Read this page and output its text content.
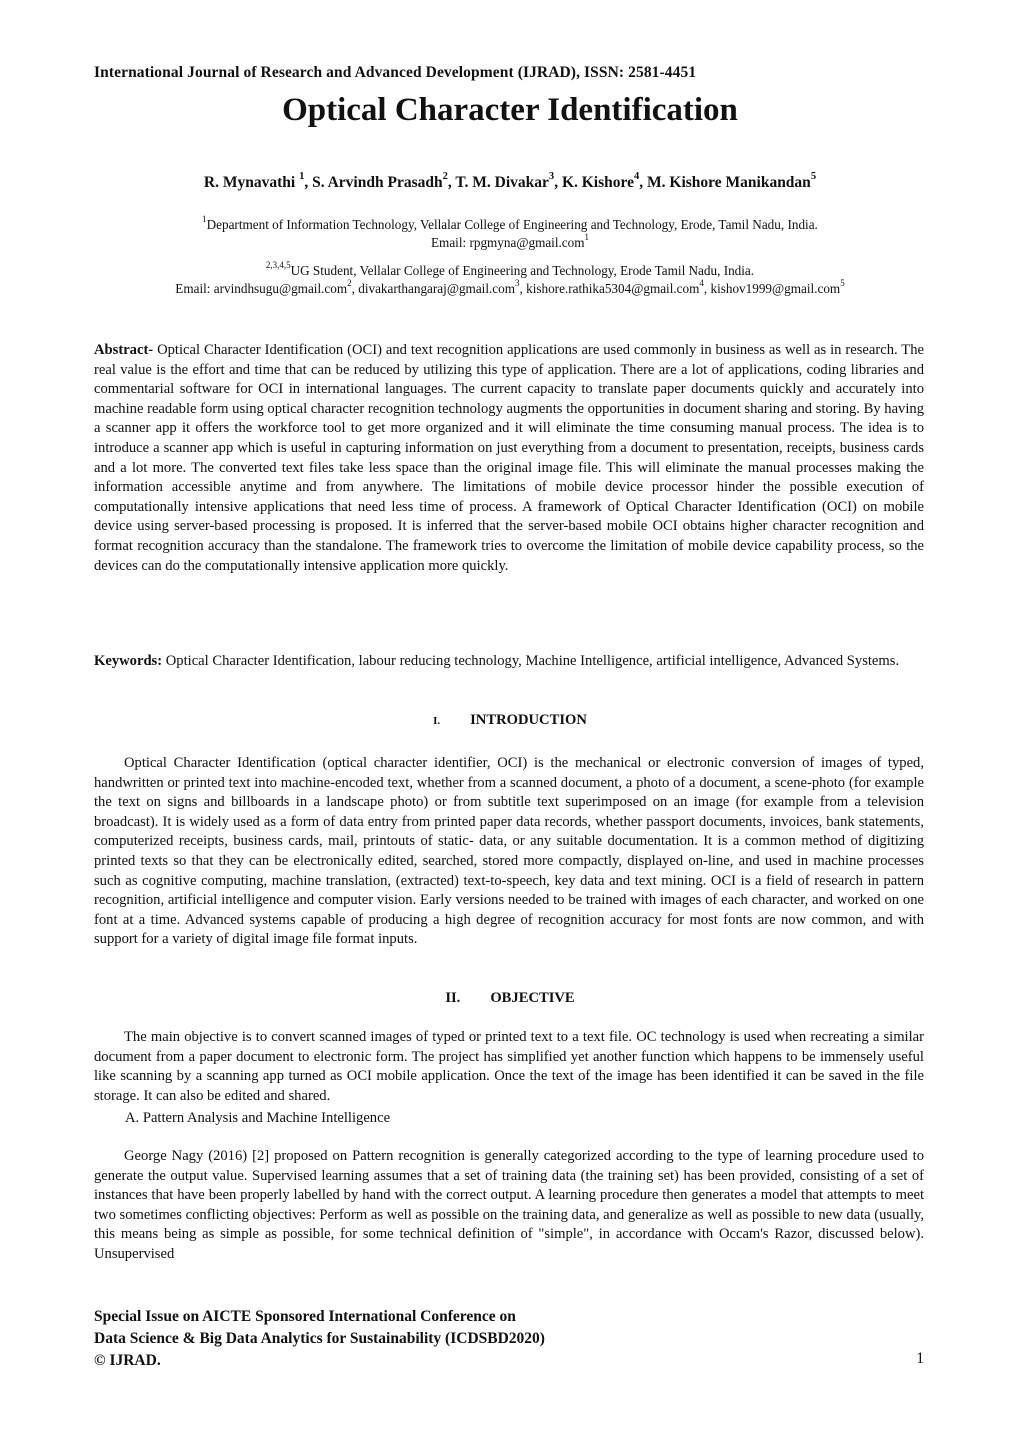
International Journal of Research and Advanced Development (IJRAD), ISSN: 2581-4451
Optical Character Identification
R. Mynavathi $^1$, S. Arvindh Prasadh$^2$, T. M. Divakar$^3$, K. Kishore$^4$, M. Kishore Manikandan$^5$
$^1$Department of Information Technology, Vellalar College of Engineering and Technology, Erode, Tamil Nadu, India.
Email: rpgmyna@gmail.com$^1$
$^{2,3,4,5}$UG Student, Vellalar College of Engineering and Technology, Erode Tamil Nadu, India.
Email: arvindhsugu@gmail.com$^2$, divakarthangaraj@gmail.com$^3$, kishore.rathika5304@gmail.com$^4$, kishov1999@gmail.com$^5$
Abstract- Optical Character Identification (OCI) and text recognition applications are used commonly in business as well as in research. The real value is the effort and time that can be reduced by utilizing this type of application. There are a lot of applications, coding libraries and commentarial software for OCI in international languages. The current capacity to translate paper documents quickly and accurately into machine readable form using optical character recognition technology augments the opportunities in document sharing and storing. By having a scanner app it offers the workforce tool to get more organized and it will eliminate the time consuming manual process. The idea is to introduce a scanner app which is useful in capturing information on just everything from a document to presentation, receipts, business cards and a lot more. The converted text files take less space than the original image file. This will eliminate the manual processes making the information accessible anytime and from anywhere. The limitations of mobile device processor hinder the possible execution of computationally intensive applications that need less time of process. A framework of Optical Character Identification (OCI) on mobile device using server-based processing is proposed. It is inferred that the server-based mobile OCI obtains higher character recognition and format recognition accuracy than the standalone. The framework tries to overcome the limitation of mobile device capability process, so the devices can do the computationally intensive application more quickly.
Keywords: Optical Character Identification, labour reducing technology, Machine Intelligence, artificial intelligence, Advanced Systems.
I. INTRODUCTION
Optical Character Identification (optical character identifier, OCI) is the mechanical or electronic conversion of images of typed, handwritten or printed text into machine-encoded text, whether from a scanned document, a photo of a document, a scene-photo (for example the text on signs and billboards in a landscape photo) or from subtitle text superimposed on an image (for example from a television broadcast). It is widely used as a form of data entry from printed paper data records, whether passport documents, invoices, bank statements, computerized receipts, business cards, mail, printouts of static- data, or any suitable documentation. It is a common method of digitizing printed texts so that they can be electronically edited, searched, stored more compactly, displayed on-line, and used in machine processes such as cognitive computing, machine translation, (extracted) text-to-speech, key data and text mining. OCI is a field of research in pattern recognition, artificial intelligence and computer vision. Early versions needed to be trained with images of each character, and worked on one font at a time. Advanced systems capable of producing a high degree of recognition accuracy for most fonts are now common, and with support for a variety of digital image file format inputs.
II. OBJECTIVE
The main objective is to convert scanned images of typed or printed text to a text file. OC technology is used when recreating a similar document from a paper document to electronic form. The project has simplified yet another function which happens to be immensely useful like scanning by a scanning app turned as OCI mobile application. Once the text of the image has been identified it can be saved in the file storage. It can also be edited and shared.
A. Pattern Analysis and Machine Intelligence
George Nagy (2016) [2] proposed on Pattern recognition is generally categorized according to the type of learning procedure used to generate the output value. Supervised learning assumes that a set of training data (the training set) has been provided, consisting of a set of instances that have been properly labelled by hand with the correct output. A learning procedure then generates a model that attempts to meet two sometimes conflicting objectives: Perform as well as possible on the training data, and generalize as well as possible to new data (usually, this means being as simple as possible, for some technical definition of "simple", in accordance with Occam's Razor, discussed below). Unsupervised
Special Issue on AICTE Sponsored International Conference on
Data Science & Big Data Analytics for Sustainability (ICDSBD2020)
© IJRAD.	1
